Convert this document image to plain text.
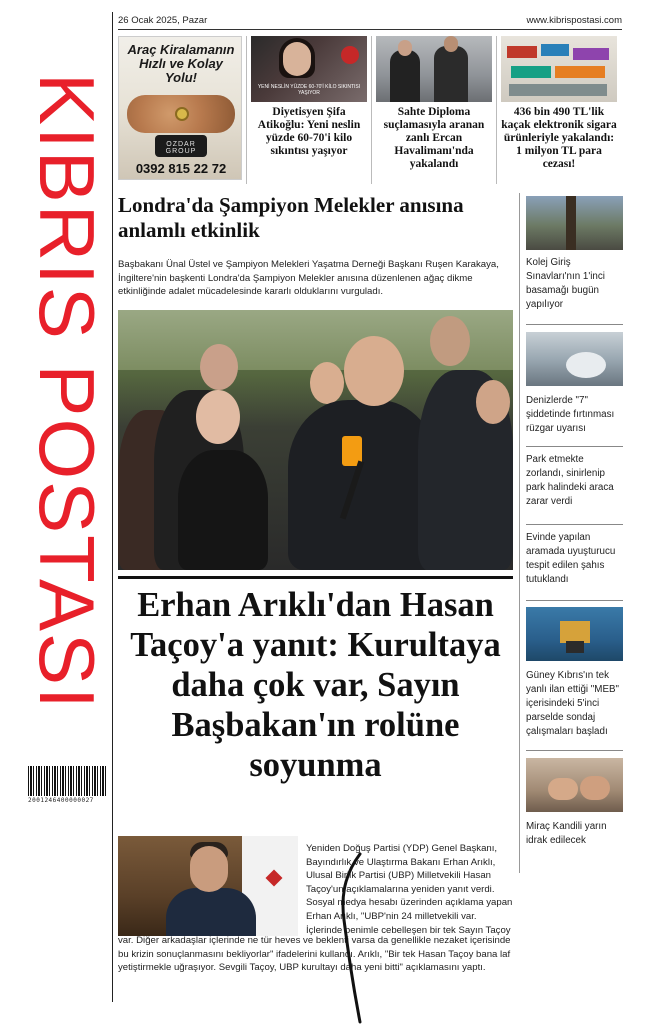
KIBRIS POSTASI
2001246400000027
26 Ocak 2025, Pazar	www.kibrispostasi.com
Araç Kiralamanın Hızlı ve Kolay Yolu!
OZDAR GROUP
0392 815 22 72
YENİ NESLİN YÜZDE 60-70'İ KİLO SIKINTISI YAŞIYOR
Diyetisyen Şifa Atikoğlu: Yeni neslin yüzde 60-70'i kilo sıkıntısı yaşıyor
Sahte Diploma suçlamasıyla aranan zanlı Ercan Havalimanı'nda yakalandı
436 bin 490 TL'lik kaçak elektronik sigara ürünleriyle yakalandı: 1 milyon TL para cezası!
Londra'da Şampiyon Melekler anısına anlamlı etkinlik
Başbakanı Ünal Üstel ve Şampiyon Melekleri Yaşatma Derneği Başkanı Ruşen Karakaya, İngiltere'nin başkenti Londra'da Şampiyon Melekler anısına düzenlenen ağaç dikme etkinliğinde adalet mücadelesinde kararlı olduklarını vurguladı.
Erhan Arıklı'dan Hasan Taçoy'a yanıt: Kurultaya daha çok var, Sayın Başbakan'ın rolüne soyunma
Yeniden Doğuş Partisi (YDP) Genel Başkanı, Bayındırlık ve Ulaştırma Bakanı Erhan Arıklı, Ulusal Birlik Partisi (UBP) Milletvekili Hasan Taçoy'un açıklamalarına yeniden yanıt verdi. Sosyal medya hesabı üzerinden açıklama yapan Erhan Arıklı, "UBP'nin 24 milletvekili var. İçlerinde benimle cebelleşen bir tek Sayın Taçoy
var. Diğer arkadaşlar içlerinde ne tür heves ve beklenti varsa da genellikle nezaket içerisinde bu krizin sonuçlanmasını bekliyorlar" ifadelerini kullandı. Arıklı, "Bir tek Hasan Taçoy bana laf yetiştirmekle uğraşıyor. Sevgili Taçoy, UBP kurultayı daha yeni bitti" açıklamasını yaptı.
Kolej Giriş Sınavları'nın 1'inci basamağı bugün yapılıyor
Denizlerde "7" şiddetinde fırtınması rüzgar uyarısı
Park etmekte zorlandı, sinirlenip park halindeki araca zarar verdi
Evinde yapılan aramada uyuşturucu tespit edilen şahıs tutuklandı
Güney Kıbrıs'ın tek yanlı ilan ettiği "MEB" içerisindeki 5'inci parselde sondaj çalışmaları başladı
Miraç Kandili yarın idrak edilecek
